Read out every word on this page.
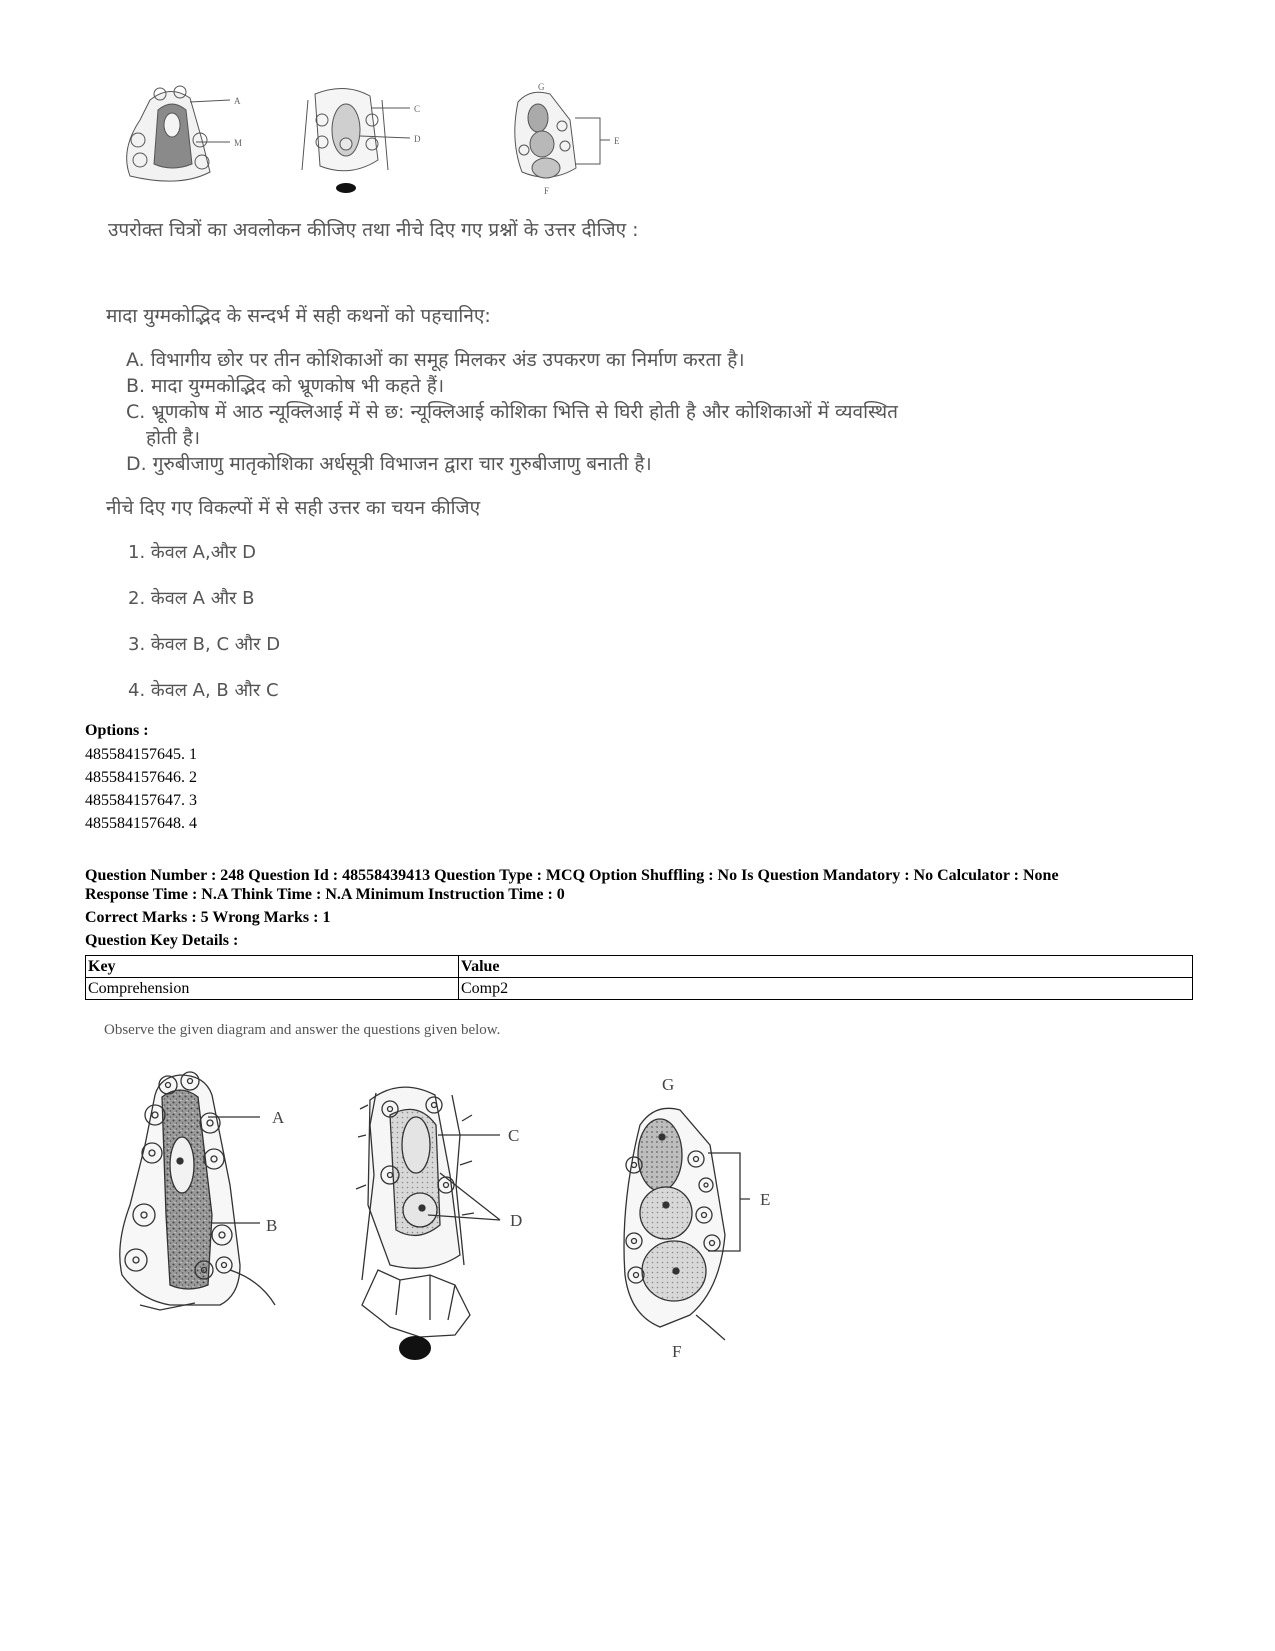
A
M
C
D
G
E
F
उपरोक्त चित्रों का अवलोकन कीजिए तथा नीचे दिए गए प्रश्नों के उत्तर दीजिए :
मादा युग्मकोद्भिद के सन्दर्भ में सही कथनों को पहचानिए:
A. विभागीय छोर पर तीन कोशिकाओं का समूह मिलकर अंड उपकरण का निर्माण करता है।
B. मादा युग्मकोद्भिद को भ्रूणकोष भी कहते हैं।
C. भ्रूणकोष में आठ न्यूक्लिआई में से छ: न्यूक्लिआई कोशिका भित्ति से घिरी होती है और कोशिकाओं में व्यवस्थित
होती है।
D. गुरुबीजाणु मातृकोशिका अर्धसूत्री विभाजन द्वारा चार गुरुबीजाणु बनाती है।
नीचे दिए गए विकल्पों में से सही उत्तर का चयन कीजिए
1. केवल A,और D
2. केवल A और B
3. केवल B, C और D
4. केवल A, B और C
Options :
485584157645. 1
485584157646. 2
485584157647. 3
485584157648. 4
Question Number : 248 Question Id : 48558439413 Question Type : MCQ Option Shuffling : No Is Question Mandatory : No Calculator : None
Response Time : N.A Think Time : N.A Minimum Instruction Time : 0
Correct Marks : 5 Wrong Marks : 1
Question Key Details :
Key	Value
Comprehension	Comp2
Observe the given diagram and answer the questions given below.
A
B
C
D
G
E
F
